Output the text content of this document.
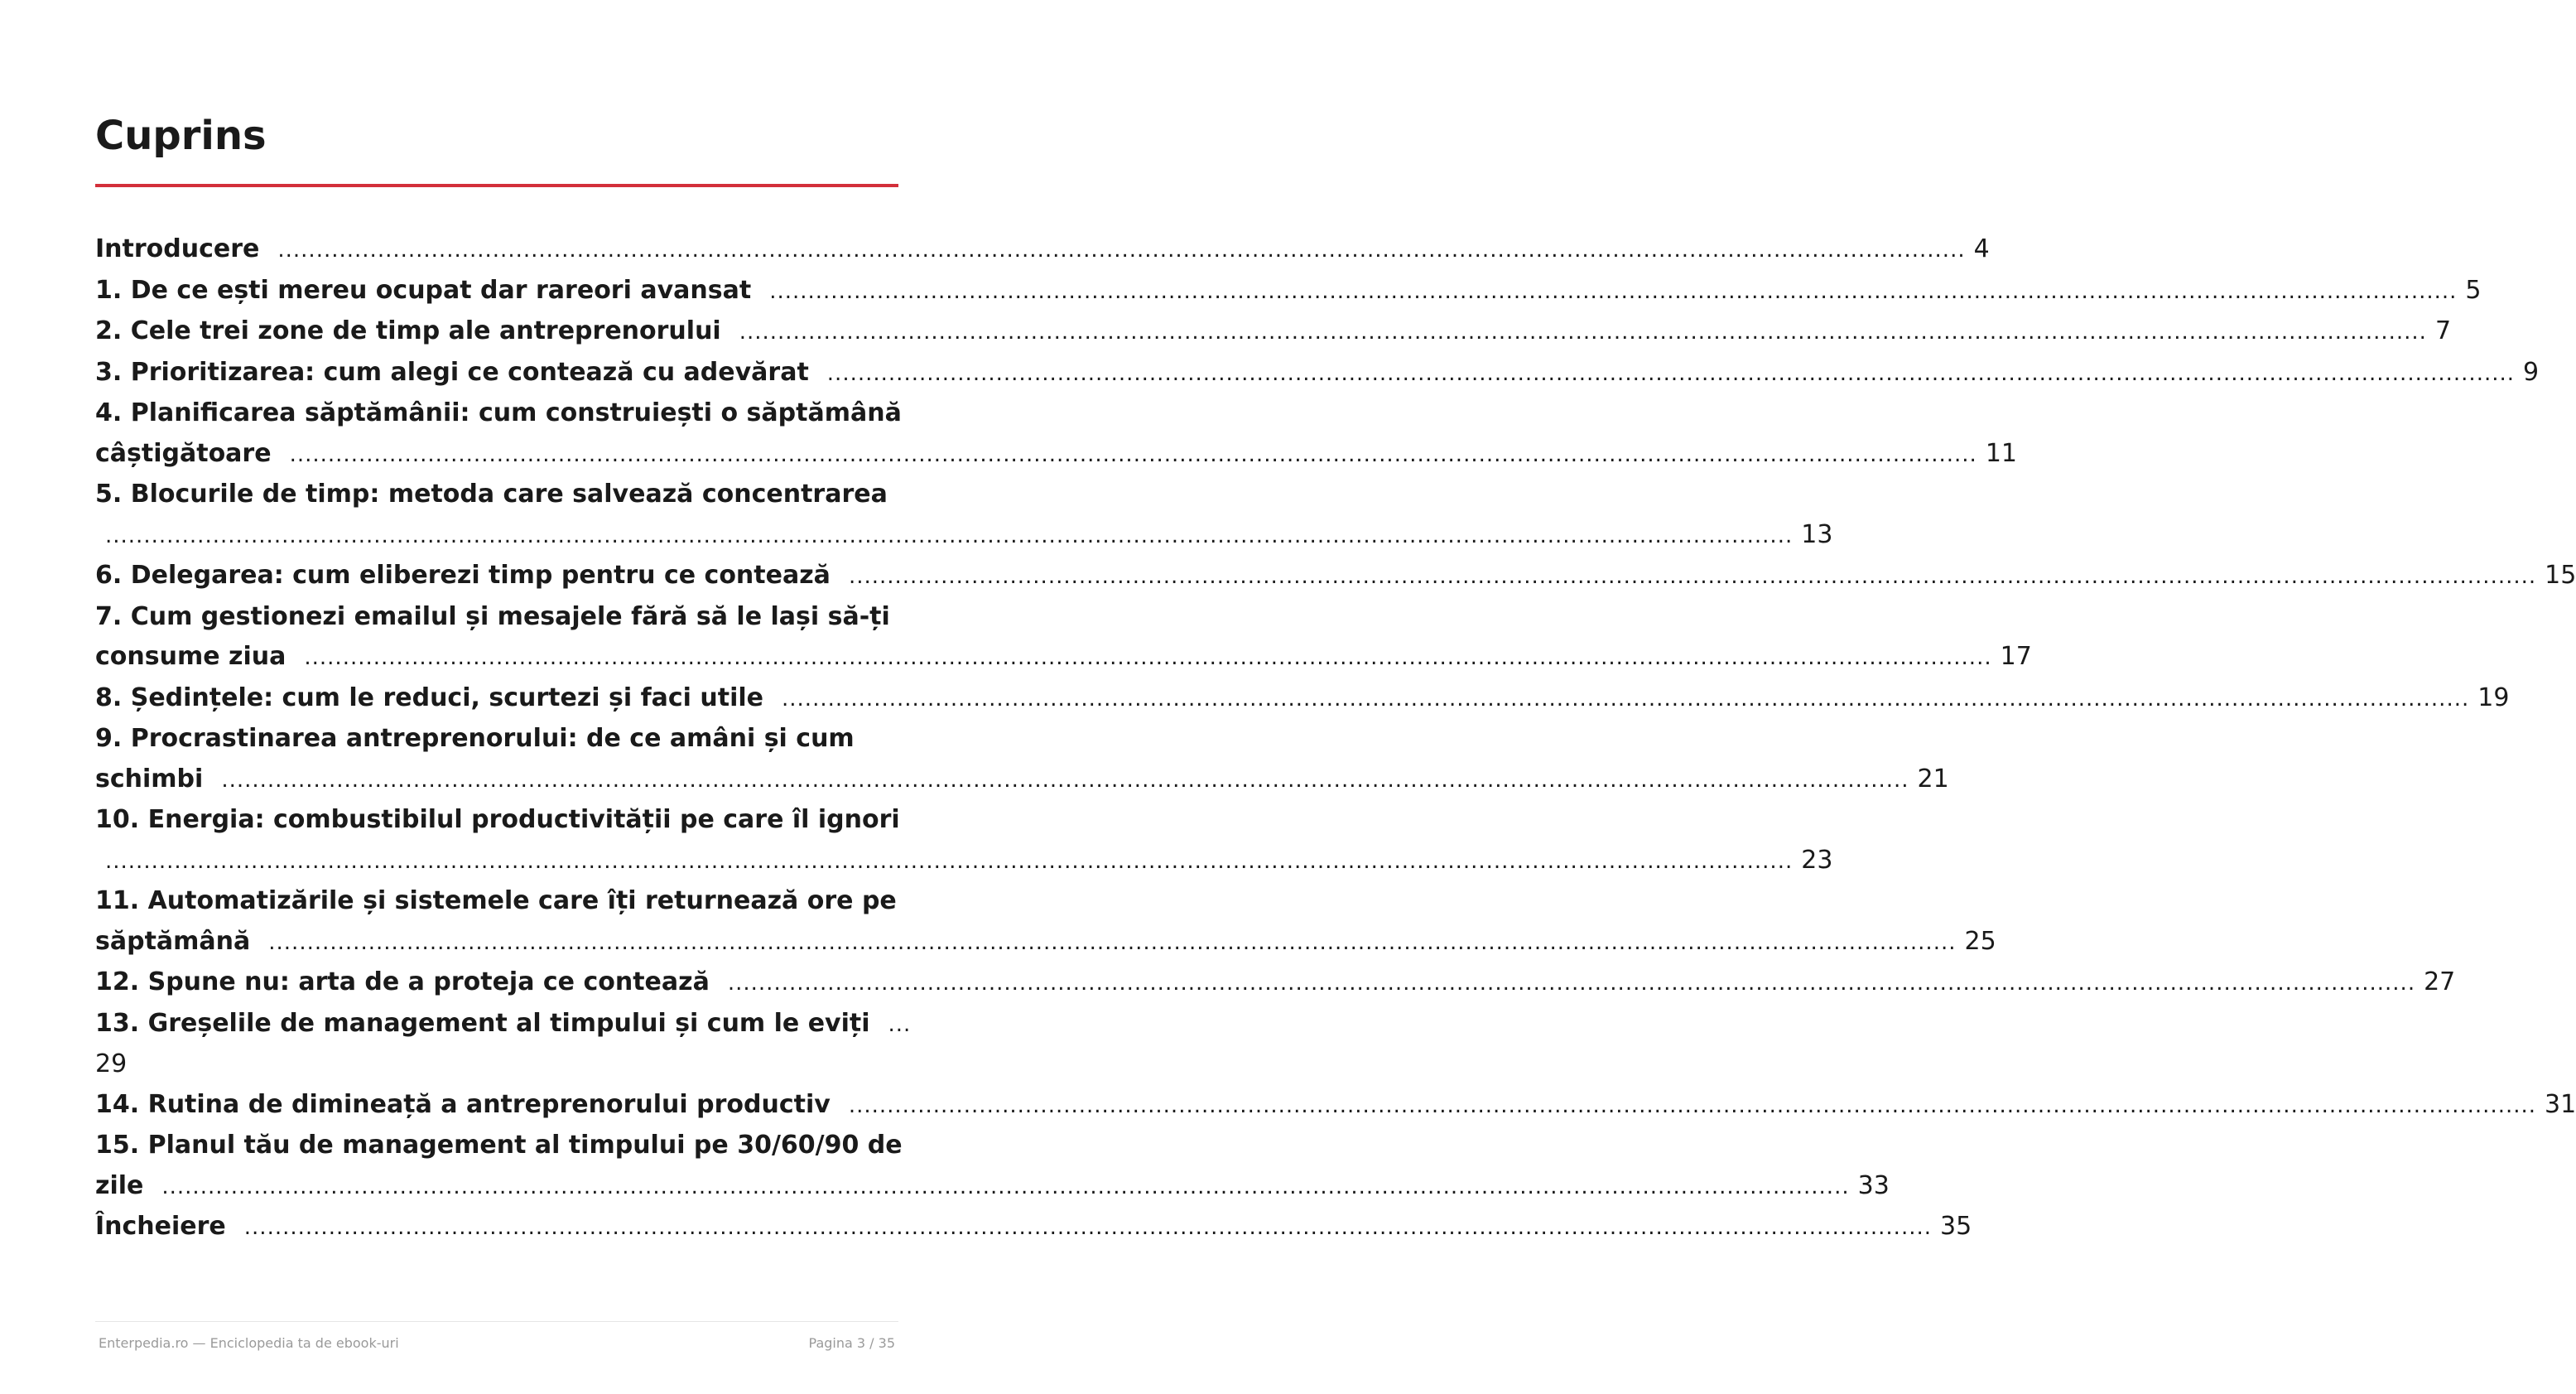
Cuprins
Introducere ............................................................................................................................................................................................................................ 4
1. De ce ești mereu ocupat dar rareori avansat ............................................................................................................................................................................................................................ 5
2. Cele trei zone de timp ale antreprenorului ............................................................................................................................................................................................................................ 7
3. Prioritizarea: cum alegi ce contează cu adevărat ............................................................................................................................................................................................................................ 9
4. Planificarea săptămânii: cum construiești o săptămână
câștigătoare ............................................................................................................................................................................................................................ 11
5. Blocurile de timp: metoda care salvează concentrarea
............................................................................................................................................................................................................................ 13
6. Delegarea: cum eliberezi timp pentru ce contează ............................................................................................................................................................................................................................ 15
7. Cum gestionezi emailul și mesajele fără să le lași să-ți
consume ziua ............................................................................................................................................................................................................................ 17
8. Ședințele: cum le reduci, scurtezi și faci utile ............................................................................................................................................................................................................................ 19
9. Procrastinarea antreprenorului: de ce amâni și cum
schimbi ............................................................................................................................................................................................................................ 21
10. Energia: combustibilul productivității pe care îl ignori
............................................................................................................................................................................................................................ 23
11. Automatizările și sistemele care îți returnează ore pe
săptămână ............................................................................................................................................................................................................................ 25
12. Spune nu: arta de a proteja ce contează ............................................................................................................................................................................................................................ 27
13. Greșelile de management al timpului și cum le eviți ...
29
14. Rutina de dimineață a antreprenorului productiv ............................................................................................................................................................................................................................ 31
15. Planul tău de management al timpului pe 30/60/90 de
zile ............................................................................................................................................................................................................................ 33
Încheiere ............................................................................................................................................................................................................................ 35
Enterpedia.ro — Enciclopedia ta de ebook-uri	Pagina 3 / 35
